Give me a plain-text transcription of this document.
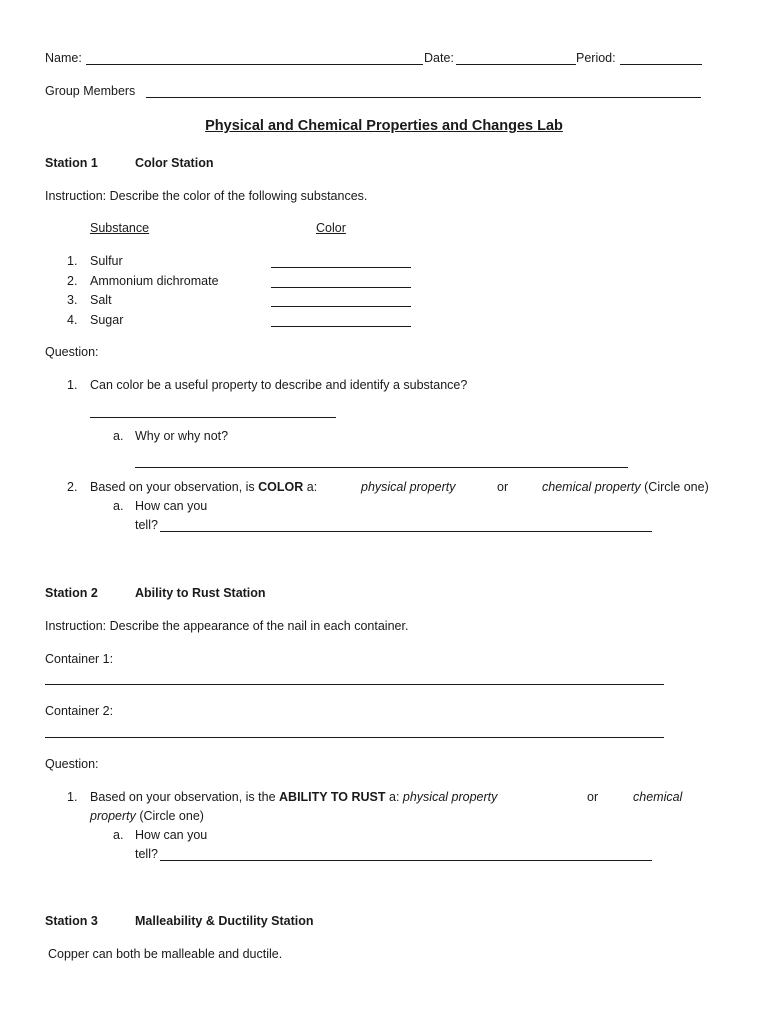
Name:	Date:	Period:
Group Members
Physical and Chemical Properties and Changes Lab
Station 1	Color Station
Instruction: Describe the color of the following substances.
Substance	Color
1. Sulfur
2. Ammonium dichromate
3. Salt
4. Sugar
Question:
1. Can color be a useful property to describe and identify a substance?
a. Why or why not?
2. Based on your observation, is COLOR a:	physical property	or	chemical property (Circle one)
a. How can you
tell?
Station 2	Ability to Rust Station
Instruction: Describe the appearance of the nail in each container.
Container 1:
Container 2:
Question:
1. Based on your observation, is the ABILITY TO RUST a: physical property	or	chemical
property (Circle one)
a. How can you
tell?
Station 3	Malleability & Ductility Station
Copper can both be malleable and ductile.
